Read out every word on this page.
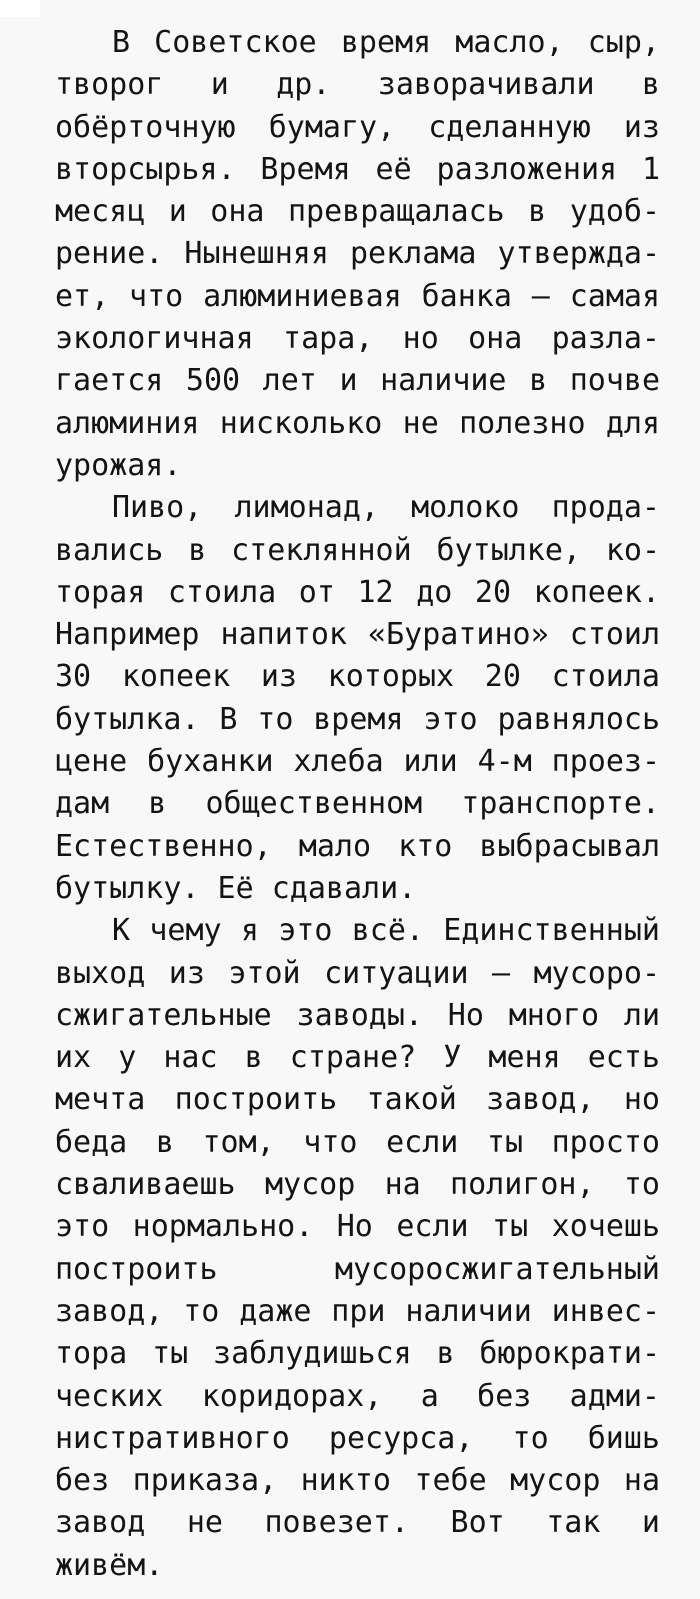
В Советское время масло, сыр,
творог и др. заворачивали в
обёрточную бумагу, сделанную из
вторсырья. Время её разложения 1
месяц и она превращалась в удоб-
рение. Нынешняя реклама утвержда-
ет, что алюминиевая банка – самая
экологичная тара, но она разла-
гается 500 лет и наличие в почве
алюминия нисколько не полезно для
урожая.

Пиво, лимонад, молоко прода-
вались в стеклянной бутылке, ко-
торая стоила от 12 до 20 копеек.
Например напиток «Буратино» стоил
30 копеек из которых 20 стоила
бутылка. В то время это равнялось
цене буханки хлеба или 4-м проез-
дам в общественном транспорте.
Естественно, мало кто выбрасывал
бутылку. Её сдавали.

К чему я это всё. Единственный
выход из этой ситуации – мусоро-
сжигательные заводы. Но много ли
их у нас в стране? У меня есть
мечта построить такой завод, но
беда в том, что если ты просто
сваливаешь мусор на полигон, то
это нормально. Но если ты хочешь
построить мусоросжигательный
завод, то даже при наличии инвес-
тора ты заблудишься в бюрократи-
ческих коридорах, а без адми-
нистративного ресурса, то бишь
без приказа, никто тебе мусор на
завод не повезет. Вот так и
живём.
